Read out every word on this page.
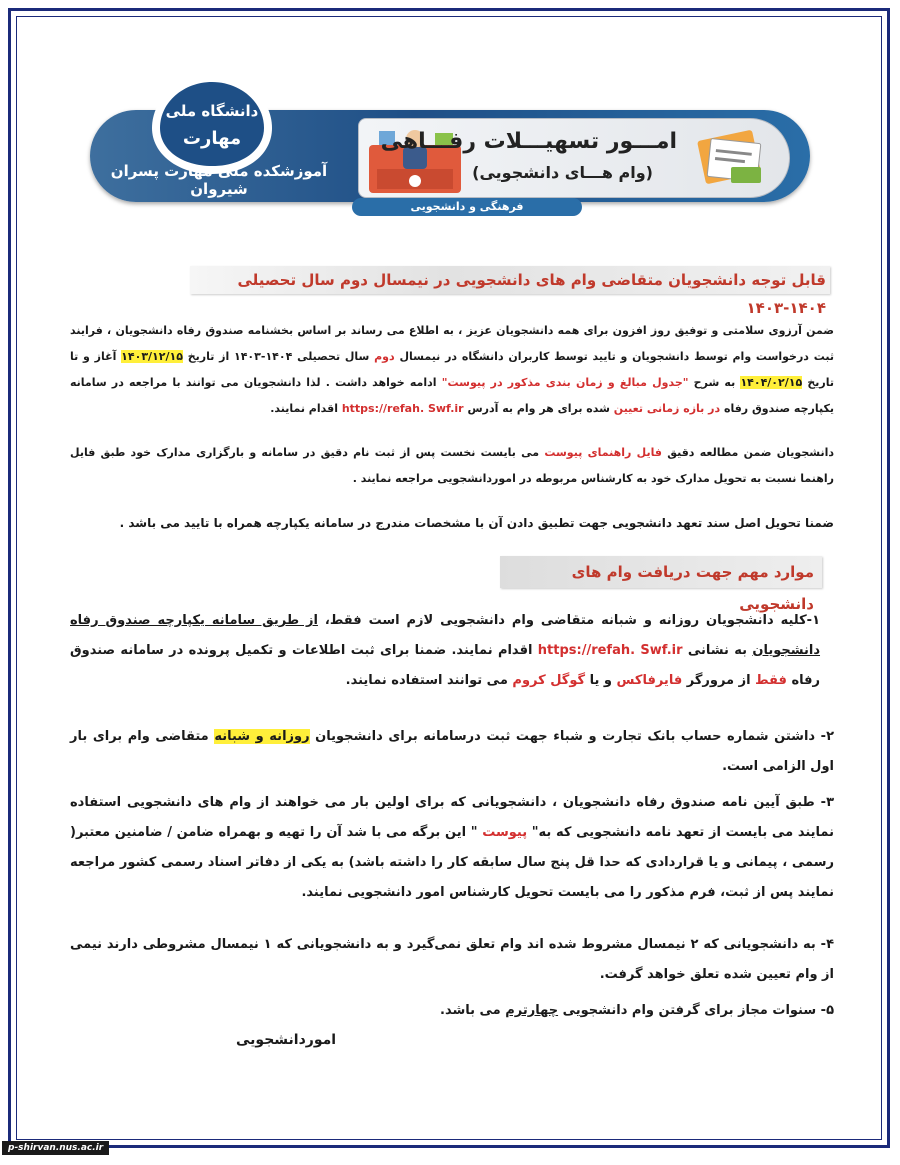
دانشگاه ملی
مهارت
آموزشکده ملی مهارت پسران شیروان
امـــور تسهیـــلات رفـــاهی
(وام هـــای دانشجویی)
فرهنگی و دانشجویی
قابل توجه دانشجویان متقاضی وام های دانشجویی در نیمسال دوم سال تحصیلی ۱۴۰۴-۱۴۰۳
ضمن آرزوی سلامتی و توفیق روز افزون برای همه دانشجویان عزیز ، به اطلاع می رساند بر اساس بخشنامه صندوق رفاه دانشجویان ، فرایند ثبت درخواست وام توسط دانشجویان و تایید توسط کاربران دانشگاه در نیمسال دوم سال تحصیلی ۱۴۰۴-۱۴۰۳ از تاریخ ۱۴۰۳/۱۲/۱۵ آغاز و تا تاریخ ۱۴۰۴/۰۲/۱۵ به شرح "جدول مبالغ و زمان بندی مذکور در پیوست" ادامه خواهد داشت . لذا دانشجویان می توانند با مراجعه در سامانه یکپارچه صندوق رفاه در بازه زمانی تعیین شده برای هر وام به آدرس https://refah. Swf.ir اقدام نمایند.
دانشجویان ضمن مطالعه دقیق فایل راهنمای پیوست می بایست نخست پس از ثبت نام دقیق در سامانه و بارگزاری مدارک خود طبق فایل راهنما نسبت به تحویل مدارک خود به کارشناس مربوطه در اموردانشجویی مراجعه نمایند .
ضمنا تحویل اصل سند تعهد دانشجویی جهت تطبیق دادن آن با مشخصات مندرج در سامانه یکپارچه همراه با تایید می باشد .
موارد مهم جهت دریافت وام های دانشجویی
۱-کلیه دانشجویان روزانه و شبانه متقاضی وام دانشجویی لازم است فقط، از طریق سامانه یکپارچه صندوق رفاه دانشجویان به نشانی https://refah. Swf.ir اقدام نمایند. ضمنا برای ثبت اطلاعات و تکمیل پرونده در سامانه صندوق رفاه فقط از مرورگر فایرفاکس و یا گوگل کروم می توانند استفاده نمایند.
۲- داشتن شماره حساب بانک تجارت و شباء جهت ثبت درسامانه برای دانشجویان روزانه و شبانه متقاضی وام برای بار اول الزامی است.
۳- طبق آیین نامه صندوق رفاه دانشجویان ، دانشجویانی که برای اولین بار می خواهند از وام های دانشجویی استفاده نمایند می بایست از تعهد نامه دانشجویی که به" پیوست " این برگه می با شد آن را تهیه و بهمراه ضامن / ضامنین معتبر( رسمی ، پیمانی و یا قراردادی که حدا قل پنج سال سابقه کار را داشته باشد) به یکی از دفاتر اسناد رسمی کشور مراجعه نمایند پس از ثبت، فرم مذکور را می بایست تحویل کارشناس امور دانشجویی نمایند.
۴- به دانشجویانی که ۲ نیمسال مشروط شده اند وام تعلق نمی‌گیرد و به دانشجویانی که ۱ نیمسال مشروطی دارند نیمی از وام تعیین شده تعلق خواهد گرفت.
۵- سنوات مجاز برای گرفتن وام دانشجویی چهارترم می باشد.
اموردانشجویی
p-shirvan.nus.ac.ir
